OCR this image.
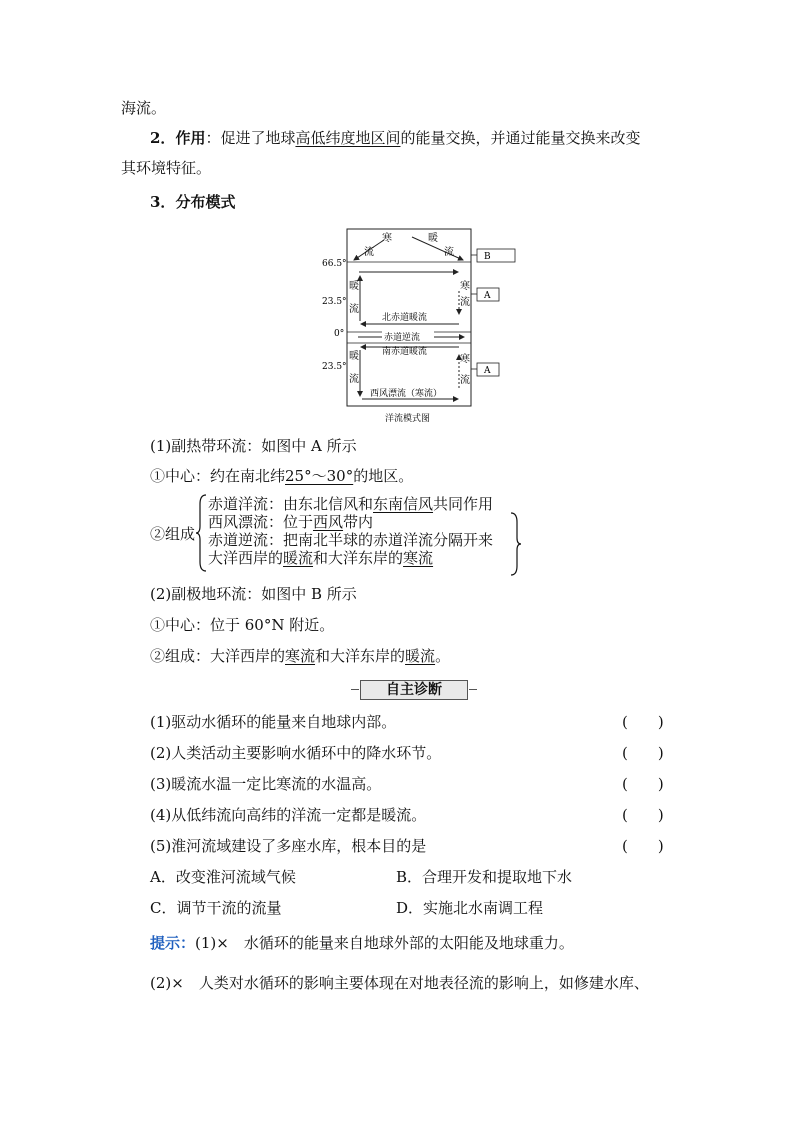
海流。
2．作用：促进了地球高低纬度地区间的能量交换，并通过能量交换来改变
其环境特征。
3．分布模式
66.5°
23.5°
0°
23.5°
寒
流
暖
流
暖
流
寒
流
北赤道暖流
赤道逆流
南赤道暖流
暖
流
寒
流
西风漂流（寒流）
B
A
A
洋流模式图
(1)副热带环流：如图中 A 所示
①中心：约在南北纬25°～30°的地区。
②组成
赤道洋流：由东北信风和东南信风共同作用
西风漂流：位于西风带内
赤道逆流：把南北半球的赤道洋流分隔开来
大洋西岸的暖流和大洋东岸的寒流
(2)副极地环流：如图中 B 所示
①中心：位于 60°N 附近。
②组成：大洋西岸的寒流和大洋东岸的暖流。
自主诊断
(1)驱动水循环的能量来自地球内部。	(　　)
(2)人类活动主要影响水循环中的降水环节。	(　　)
(3)暖流水温一定比寒流的水温高。	(　　)
(4)从低纬流向高纬的洋流一定都是暖流。	(　　)
(5)淮河流域建设了多座水库，根本目的是	(　　)
A．改变淮河流域气候	B．合理开发和提取地下水
C．调节干流的流量	D．实施北水南调工程
提示：(1)×　水循环的能量来自地球外部的太阳能及地球重力。
(2)×　人类对水循环的影响主要体现在对地表径流的影响上，如修建水库、
